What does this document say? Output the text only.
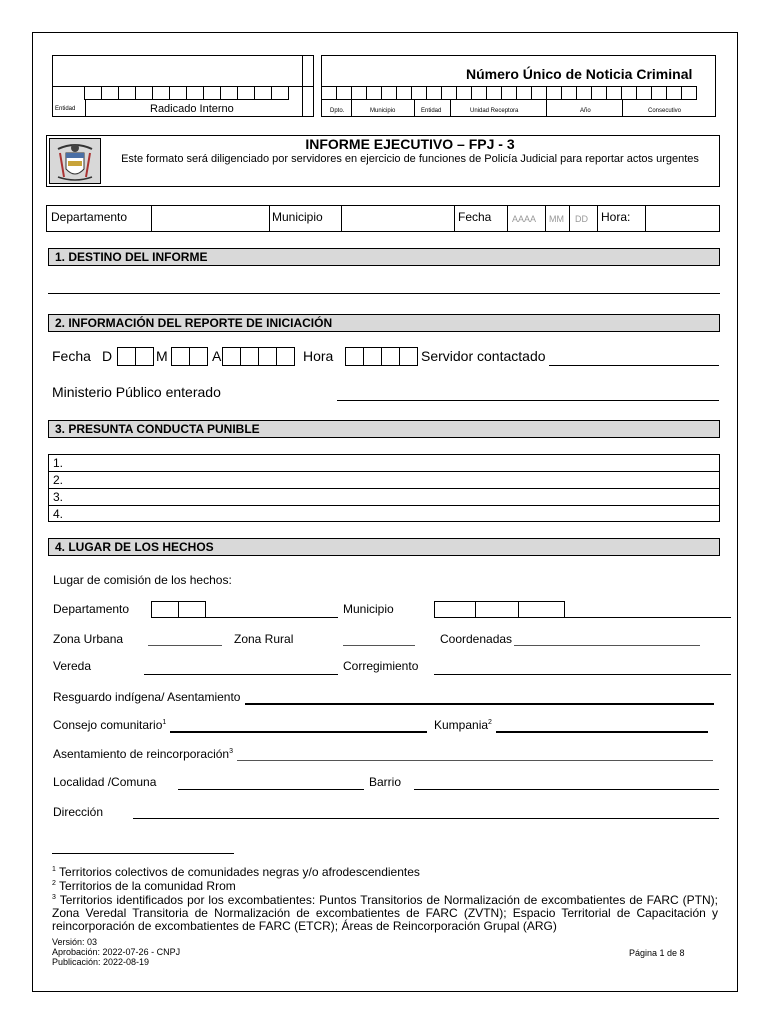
Entidad	Radicado Interno
Número Único de Noticia Criminal
Dpto.	Municipio	Entidad	Unidad Receptora	Año	Consecutivo
INFORME EJECUTIVO – FPJ - 3
Este formato será diligenciado por servidores en ejercicio de funciones de Policía Judicial para reportar actos urgentes
Departamento	Municipio	Fecha AAAA MM DD Hora:
1. DESTINO DEL INFORME
2. INFORMACIÓN DEL REPORTE DE INICIACIÓN
Fecha D	M	A	Hora	Servidor contactado
Ministerio Público enterado
3. PRESUNTA CONDUCTA PUNIBLE
1.
2.
3.
4.
4. LUGAR DE LOS HECHOS
Lugar de comisión de los hechos:
Departamento	Municipio
Zona Urbana	Zona Rural	Coordenadas
Vereda	Corregimiento
Resguardo indígena/ Asentamiento
Consejo comunitario$^1$	Kumpania$^2$
Asentamiento de reincorporación$^3$
Localidad /Comuna	Barrio
Dirección
$^1$ Territorios colectivos de comunidades negras y/o afrodescendientes
$^2$ Territorios de la comunidad Rrom
$^3$ Territorios identificados por los excombatientes: Puntos Transitorios de Normalización de excombatientes de FARC (PTN); Zona Veredal Transitoria de Normalización de excombatientes de FARC (ZVTN); Espacio Territorial de Capacitación y reincorporación de excombatientes de FARC (ETCR); Áreas de Reincorporación Grupal (ARG)
Versión: 03
Aprobación: 2022-07-26 - CNPJ
Publicación: 2022-08-19
Página 1 de 8
